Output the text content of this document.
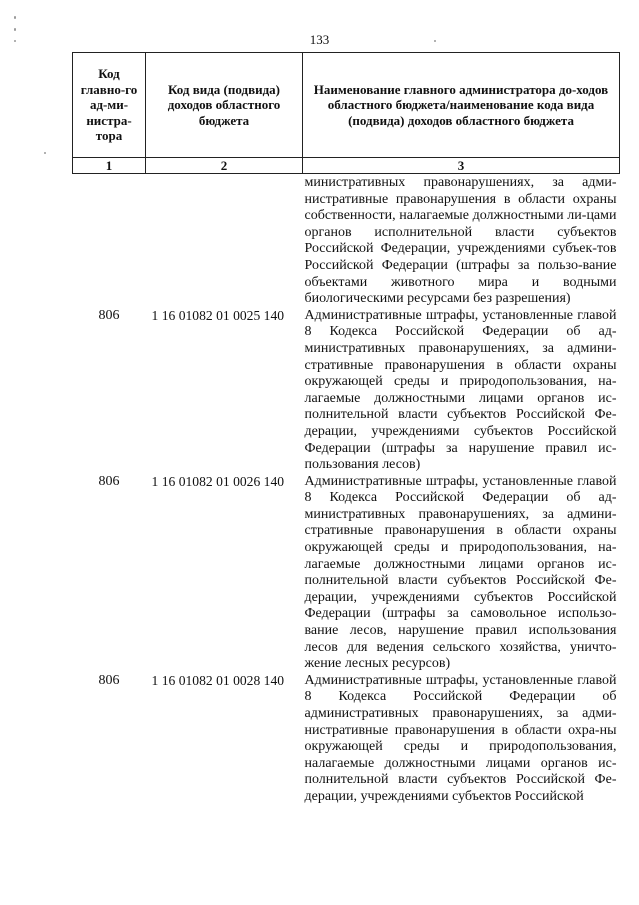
133
Код главно-го ад-ми-нистра-тора	Код вида (подвида) доходов областного бюджета	Наименование главного администратора до-ходов областного бюджета/наименование кода вида (подвида) доходов областного бюджета
1	2	3
		министративных правонарушениях, за адми-нистративные правонарушения в области охраны собственности, налагаемые должностными ли-цами органов исполнительной власти субъектов Российской Федерации, учреждениями субъек-тов Российской Федерации (штрафы за пользо-вание объектами животного мира и водными биологическими ресурсами без разрешения)
806	1 16 01082 01 0025 140	Административные штрафы, установленные главой 8 Кодекса Российской Федерации об ад-министративных правонарушениях, за админи-стративные правонарушения в области охраны окружающей среды и природопользования, на-лагаемые должностными лицами органов ис-полнительной власти субъектов Российской Фе-дерации, учреждениями субъектов Российской Федерации (штрафы за нарушение правил ис-пользования лесов)
806	1 16 01082 01 0026 140	Административные штрафы, установленные главой 8 Кодекса Российской Федерации об ад-министративных правонарушениях, за админи-стративные правонарушения в области охраны окружающей среды и природопользования, на-лагаемые должностными лицами органов ис-полнительной власти субъектов Российской Фе-дерации, учреждениями субъектов Российской Федерации (штрафы за самовольное использо-вание лесов, нарушение правил использования лесов для ведения сельского хозяйства, уничто-жение лесных ресурсов)
806	1 16 01082 01 0028 140	Административные штрафы, установленные главой 8 Кодекса Российской Федерации об административных правонарушениях, за адми-нистративные правонарушения в области охра-ны окружающей среды и природопользования, налагаемые должностными лицами органов ис-полнительной власти субъектов Российской Фе-дерации, учреждениями субъектов Российской
